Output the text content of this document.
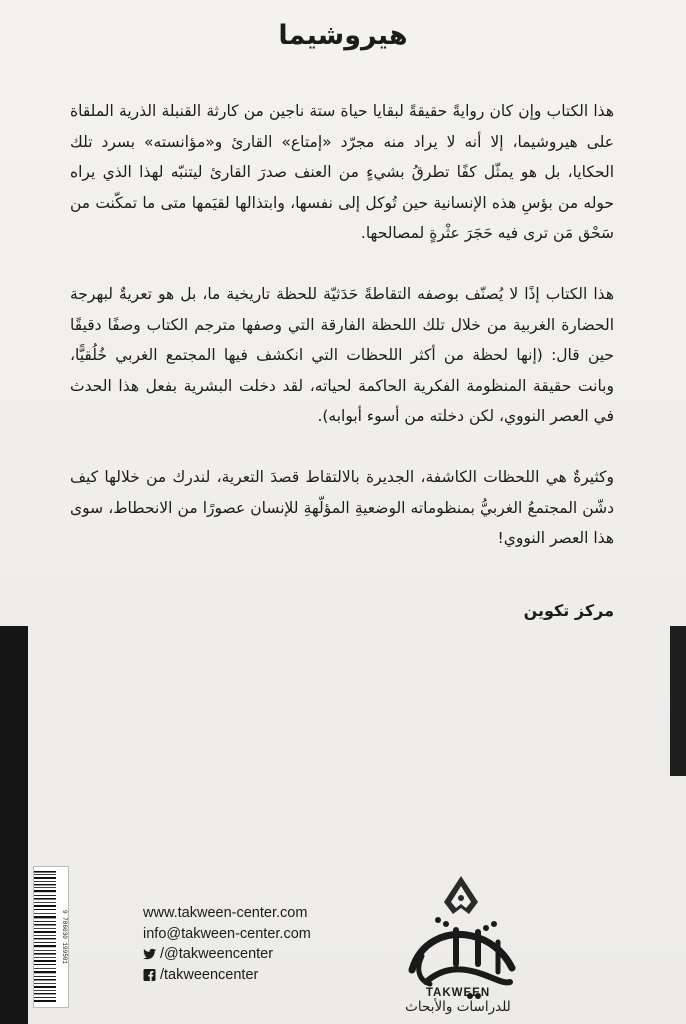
هيروشيما

هذا الكتاب وإن كان روايةً حقيقةً لبقايا حياة ستة ناجين من كارثة القنبلة الذرية الملقاة على هيروشيما، إلا أنه لا يراد منه مجرّد «إمتاع» القارئ و«مؤانسته» بسرد تلك الحكايا، بل هو يمثّل كفًا تطرقُ بشيءٍ من العنف صدرَ القارئ ليتنبّه لهذا الذي يراه حوله من بؤسِ هذه الإنسانية حين تُوكل إلى نفسها، وابتذالها لقيَمها متى ما تمكّنت من سَحْق مَن ترى فيه حَجَرَ عثْرةٍ لمصالحها.

هذا الكتاب إذًا لا يُصنّف بوصفه التقاطةً حَدَثيّة للحظة تاريخية ما، بل هو تعريةٌ لبهرجة الحضارة الغربية من خلال تلك اللحظة الفارقة التي وصفها مترجم الكتاب وصفًا دقيقًا حين قال: (إنها لحظة من أكثر اللحظات التي انكشف فيها المجتمع الغربي خُلُقيًّا، وبانت حقيقة المنظومة الفكرية الحاكمة لحياته، لقد دخلت البشرية بفعل هذا الحدث في العصر النووي، لكن دخلته من أسوء أبوابه).

وكثيرةٌ هي اللحظات الكاشفة، الجديرة بالالتقاط قصدَ التعرية، لندرك من خلالها كيف دشّن المجتمعُ الغربيُّ بمنظوماته الوضعيةِ المؤلّهةِ للإنسان عصورًا من الانحطاط، سوى هذا العصر النووي!

مركز تكوين
9 786030 199501	www.takween-center.com
info@takween-center.com
/@takweencenter
/takweencenter
TAKWEEN
للدراسات والأبحاث
